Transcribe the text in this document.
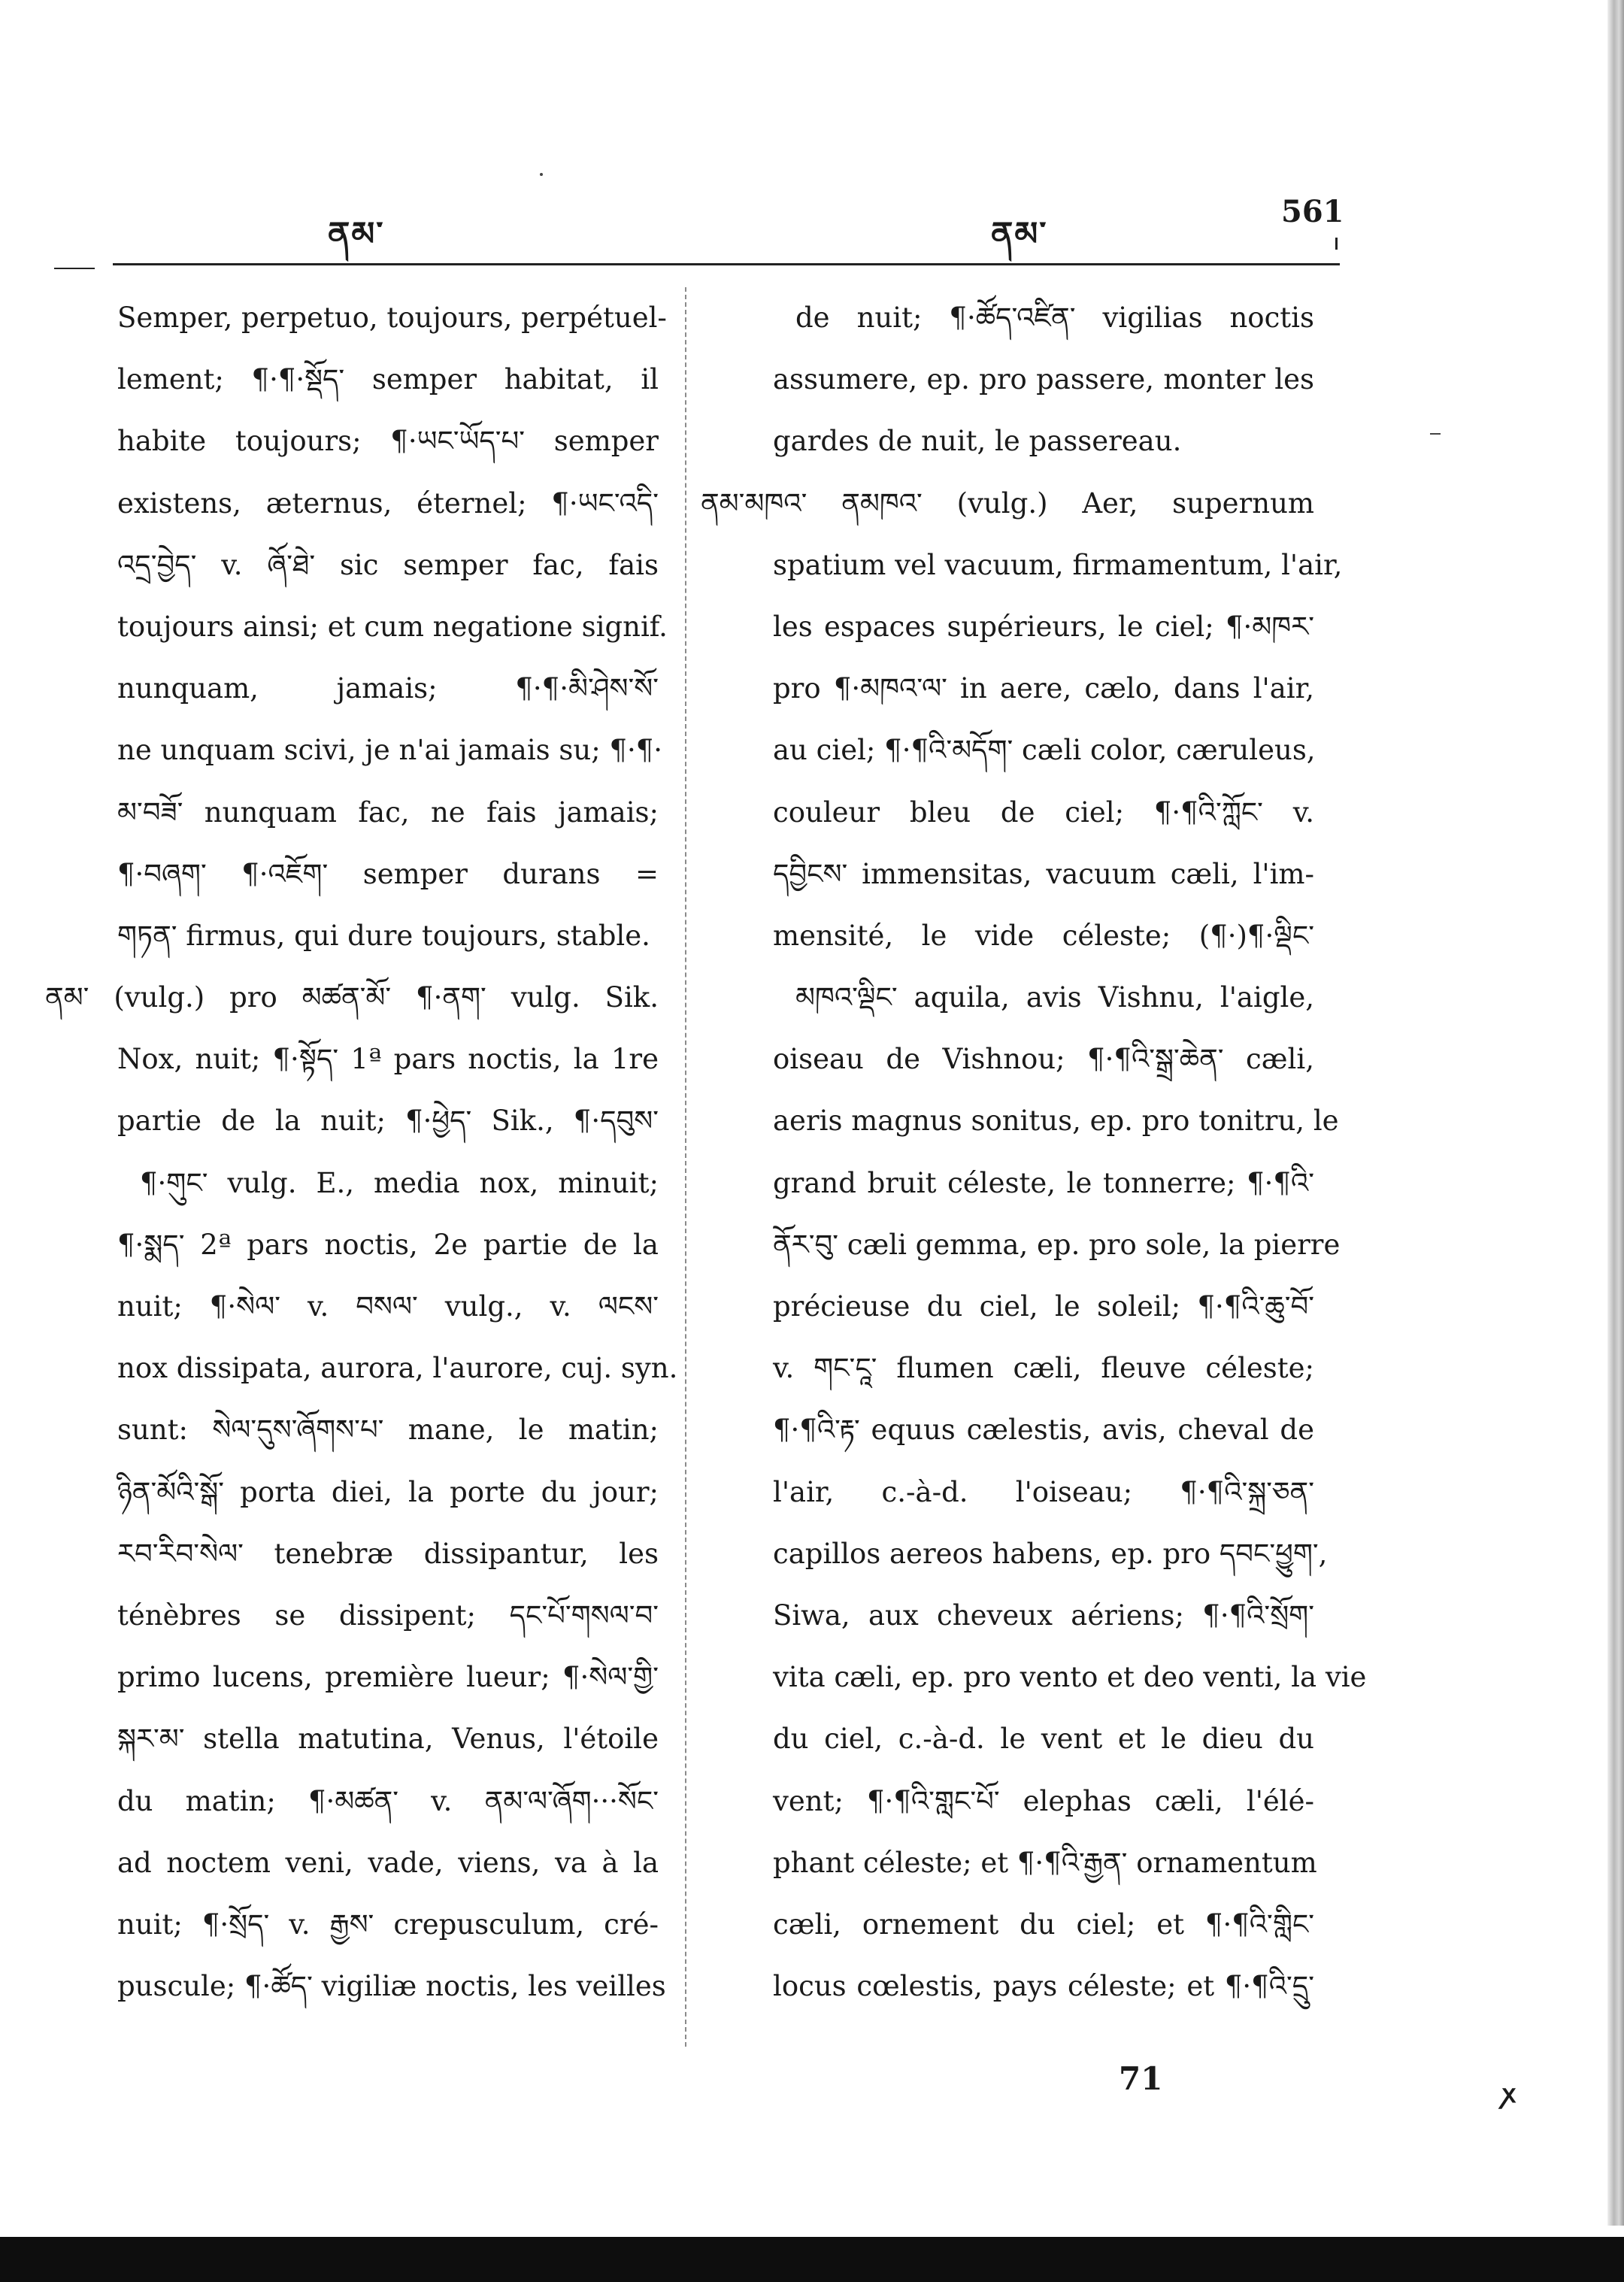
ནམ་	ནམ་
561
Semper, perpetuo, toujours, perpétuel-
lement; ¶·¶·སྡོད་ semper habitat, il
habite toujours; ¶·ཡང་ཡོད་པ་ semper
existens, æternus, éternel; ¶·ཡང་འདི་
འདྲ་བྱེད་ v. ཞོ་ཐེ་ sic semper fac, fais
toujours ainsi; et cum negatione signif.
nunquam, jamais; ¶·¶·མི་ཤེས་སོ་
ne unquam scivi, je n'ai jamais su; ¶·¶·
མ་བཟོ་ nunquam fac, ne fais jamais;
¶·བཞག་ ¶·འཇོག་ semper durans =
གཏན་ firmus, qui dure toujours, stable.
ནམ་ (vulg.) pro མཚན་མོ་ ¶·ནག་ vulg. Sik.
Nox, nuit; ¶·སྟོད་ 1ª pars noctis, la 1re
partie de la nuit; ¶·ཕྱེད་ Sik., ¶·དབུས་
¶·གུང་ vulg. E., media nox, minuit;
¶·སྨད་ 2ª pars noctis, 2e partie de la
nuit; ¶·སེལ་ v. བསལ་ vulg., v. ལངས་
nox dissipata, aurora, l'aurore, cuj. syn.
sunt: སེལ་དུས་ཞོགས་པ་ mane, le matin;
ཉིན་མོའི་སྒོ་ porta diei, la porte du jour;
རབ་རིབ་སེལ་ tenebræ dissipantur, les
ténèbres se dissipent; དང་པོ་གསལ་བ་
primo lucens, première lueur; ¶·སེལ་གྱི་
སྐར་མ་ stella matutina, Venus, l'étoile
du matin; ¶·མཚན་ v. ནམ་ལ་ཞོག···སོང་
ad noctem veni, vade, viens, va à la
nuit; ¶·སྲོད་ v. རྒྱས་ crepusculum, cré-
puscule; ¶·ཚོད་ vigiliæ noctis, les veilles
de nuit; ¶·ཚོད་འཛིན་ vigilias noctis
assumere, ep. pro passere, monter les
gardes de nuit, le passereau.
ནམ་མཁའ་ ནམཁའ་ (vulg.) Aer, supernum
spatium vel vacuum, firmamentum, l'air,
les espaces supérieurs, le ciel; ¶·མཁར་
pro ¶·མཁའ་ལ་ in aere, cælo, dans l'air,
au ciel; ¶·¶འི་མདོག་ cæli color, cæruleus,
couleur bleu de ciel; ¶·¶འི་ཀློང་ v.
དབྱིངས་ immensitas, vacuum cæli, l'im-
mensité, le vide céleste; (¶·)¶·ལྡིང་
མཁའ་ལྡིང་ aquila, avis Vishnu, l'aigle,
oiseau de Vishnou; ¶·¶འི་སྒྲ་ཆེན་ cæli,
aeris magnus sonitus, ep. pro tonitru, le
grand bruit céleste, le tonnerre; ¶·¶འི་
ནོར་བུ་ cæli gemma, ep. pro sole, la pierre
précieuse du ciel, le soleil; ¶·¶འི་ཆུ་བོ་
v. གང་ངཱ་ flumen cæli, fleuve céleste;
¶·¶འི་རྟ་ equus cælestis, avis, cheval de
l'air, c.-à-d. l'oiseau; ¶·¶འི་སྐྲ་ཅན་
capillos aereos habens, ep. pro དབང་ཕྱུག་,
Siwa, aux cheveux aériens; ¶·¶འི་སྲོག་
vita cæli, ep. pro vento et deo venti, la vie
du ciel, c.-à-d. le vent et le dieu du
vent; ¶·¶འི་གླང་པོ་ elephas cæli, l'élé-
phant céleste; et ¶·¶འི་རྒྱན་ ornamentum
cæli, ornement du ciel; et ¶·¶འི་གླིང་
locus cœlestis, pays céleste; et ¶·¶འི་དྲུ་
71	ꭗ
